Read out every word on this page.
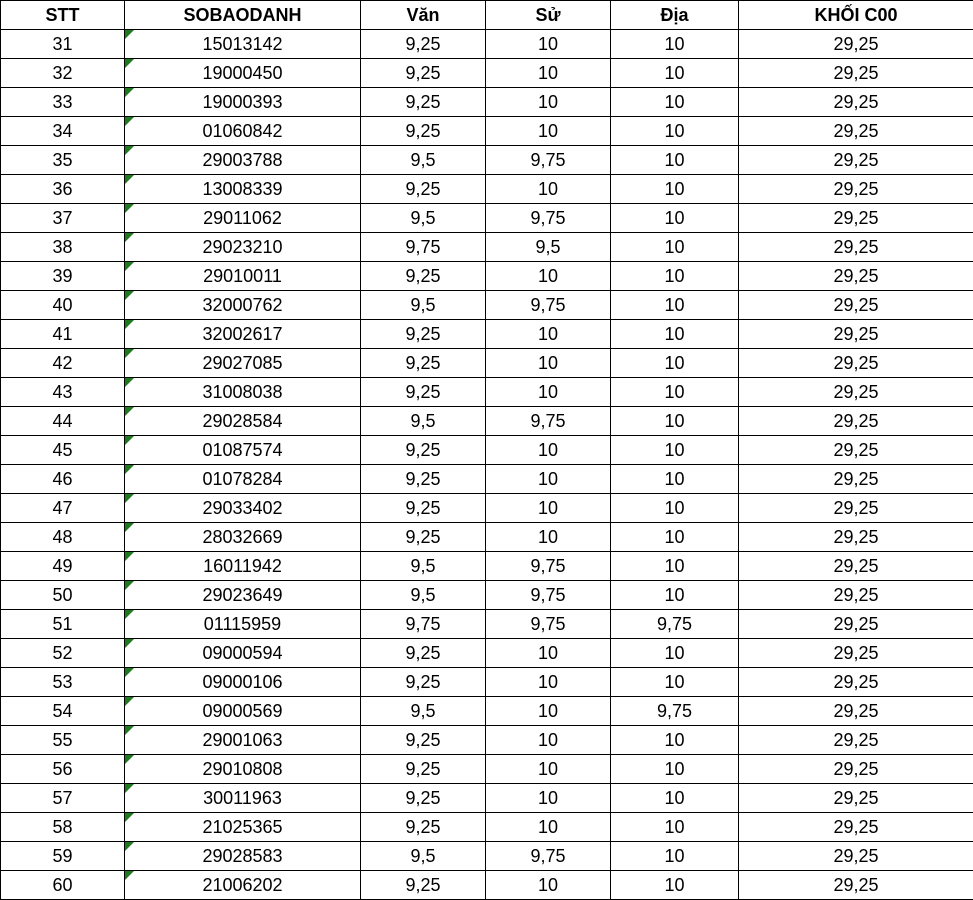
STT	SOBAODANH	Văn	Sử	Địa	KHỐI C00
31	15013142	9,25	10	10	29,25
32	19000450	9,25	10	10	29,25
33	19000393	9,25	10	10	29,25
34	01060842	9,25	10	10	29,25
35	29003788	9,5	9,75	10	29,25
36	13008339	9,25	10	10	29,25
37	29011062	9,5	9,75	10	29,25
38	29023210	9,75	9,5	10	29,25
39	29010011	9,25	10	10	29,25
40	32000762	9,5	9,75	10	29,25
41	32002617	9,25	10	10	29,25
42	29027085	9,25	10	10	29,25
43	31008038	9,25	10	10	29,25
44	29028584	9,5	9,75	10	29,25
45	01087574	9,25	10	10	29,25
46	01078284	9,25	10	10	29,25
47	29033402	9,25	10	10	29,25
48	28032669	9,25	10	10	29,25
49	16011942	9,5	9,75	10	29,25
50	29023649	9,5	9,75	10	29,25
51	01115959	9,75	9,75	9,75	29,25
52	09000594	9,25	10	10	29,25
53	09000106	9,25	10	10	29,25
54	09000569	9,5	10	9,75	29,25
55	29001063	9,25	10	10	29,25
56	29010808	9,25	10	10	29,25
57	30011963	9,25	10	10	29,25
58	21025365	9,25	10	10	29,25
59	29028583	9,5	9,75	10	29,25
60	21006202	9,25	10	10	29,25
